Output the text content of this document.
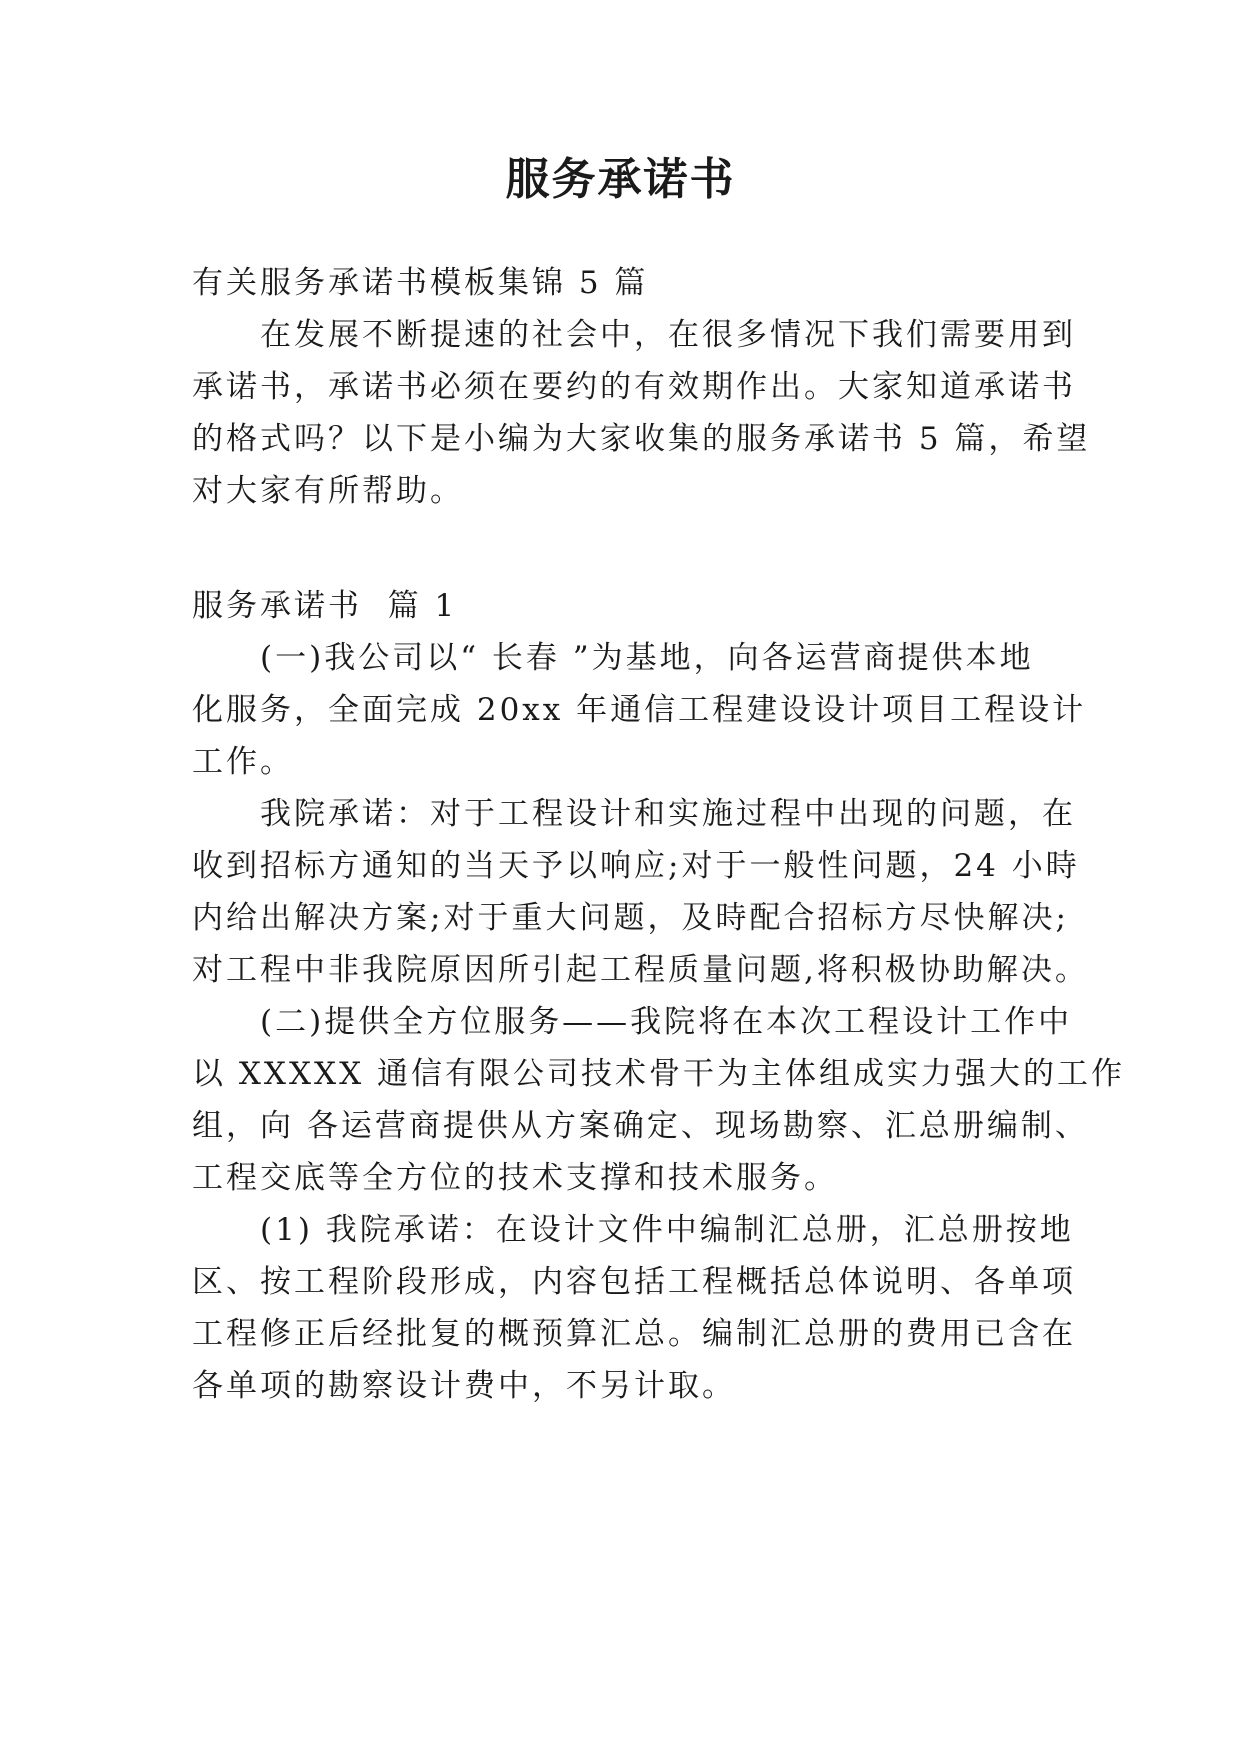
服务承诺书
有关服务承诺书模板集锦 5 篇
　　在发展不断提速的社会中，在很多情况下我们需要用到
承诺书，承诺书必须在要约的有效期作出。大家知道承诺书
的格式吗？以下是小编为大家收集的服务承诺书 5 篇，希望
对大家有所帮助。
服务承诺书  篇 1
　　(一)我公司以“ 长春 ”为基地，向各运营商提供本地
化服务，全面完成 20xx 年通信工程建设设计项目工程设计
工作。
　　我院承诺：对于工程设计和实施过程中出现的问题，在
收到招标方通知的当天予以响应;对于一般性问题，24 小時
内给出解决方案;对于重大问题，及時配合招标方尽快解决;
对工程中非我院原因所引起工程质量问题,将积极协助解决。
　　(二)提供全方位服务——我院将在本次工程设计工作中
以 XXXXX 通信有限公司技术骨干为主体组成实力强大的工作
组，向 各运营商提供从方案确定、现场勘察、汇总册编制、
工程交底等全方位的技术支撑和技术服务。
　　(1) 我院承诺：在设计文件中编制汇总册，汇总册按地
区、按工程阶段形成，内容包括工程概括总体说明、各单项
工程修正后经批复的概预算汇总。编制汇总册的费用已含在
各单项的勘察设计费中，不另计取。
